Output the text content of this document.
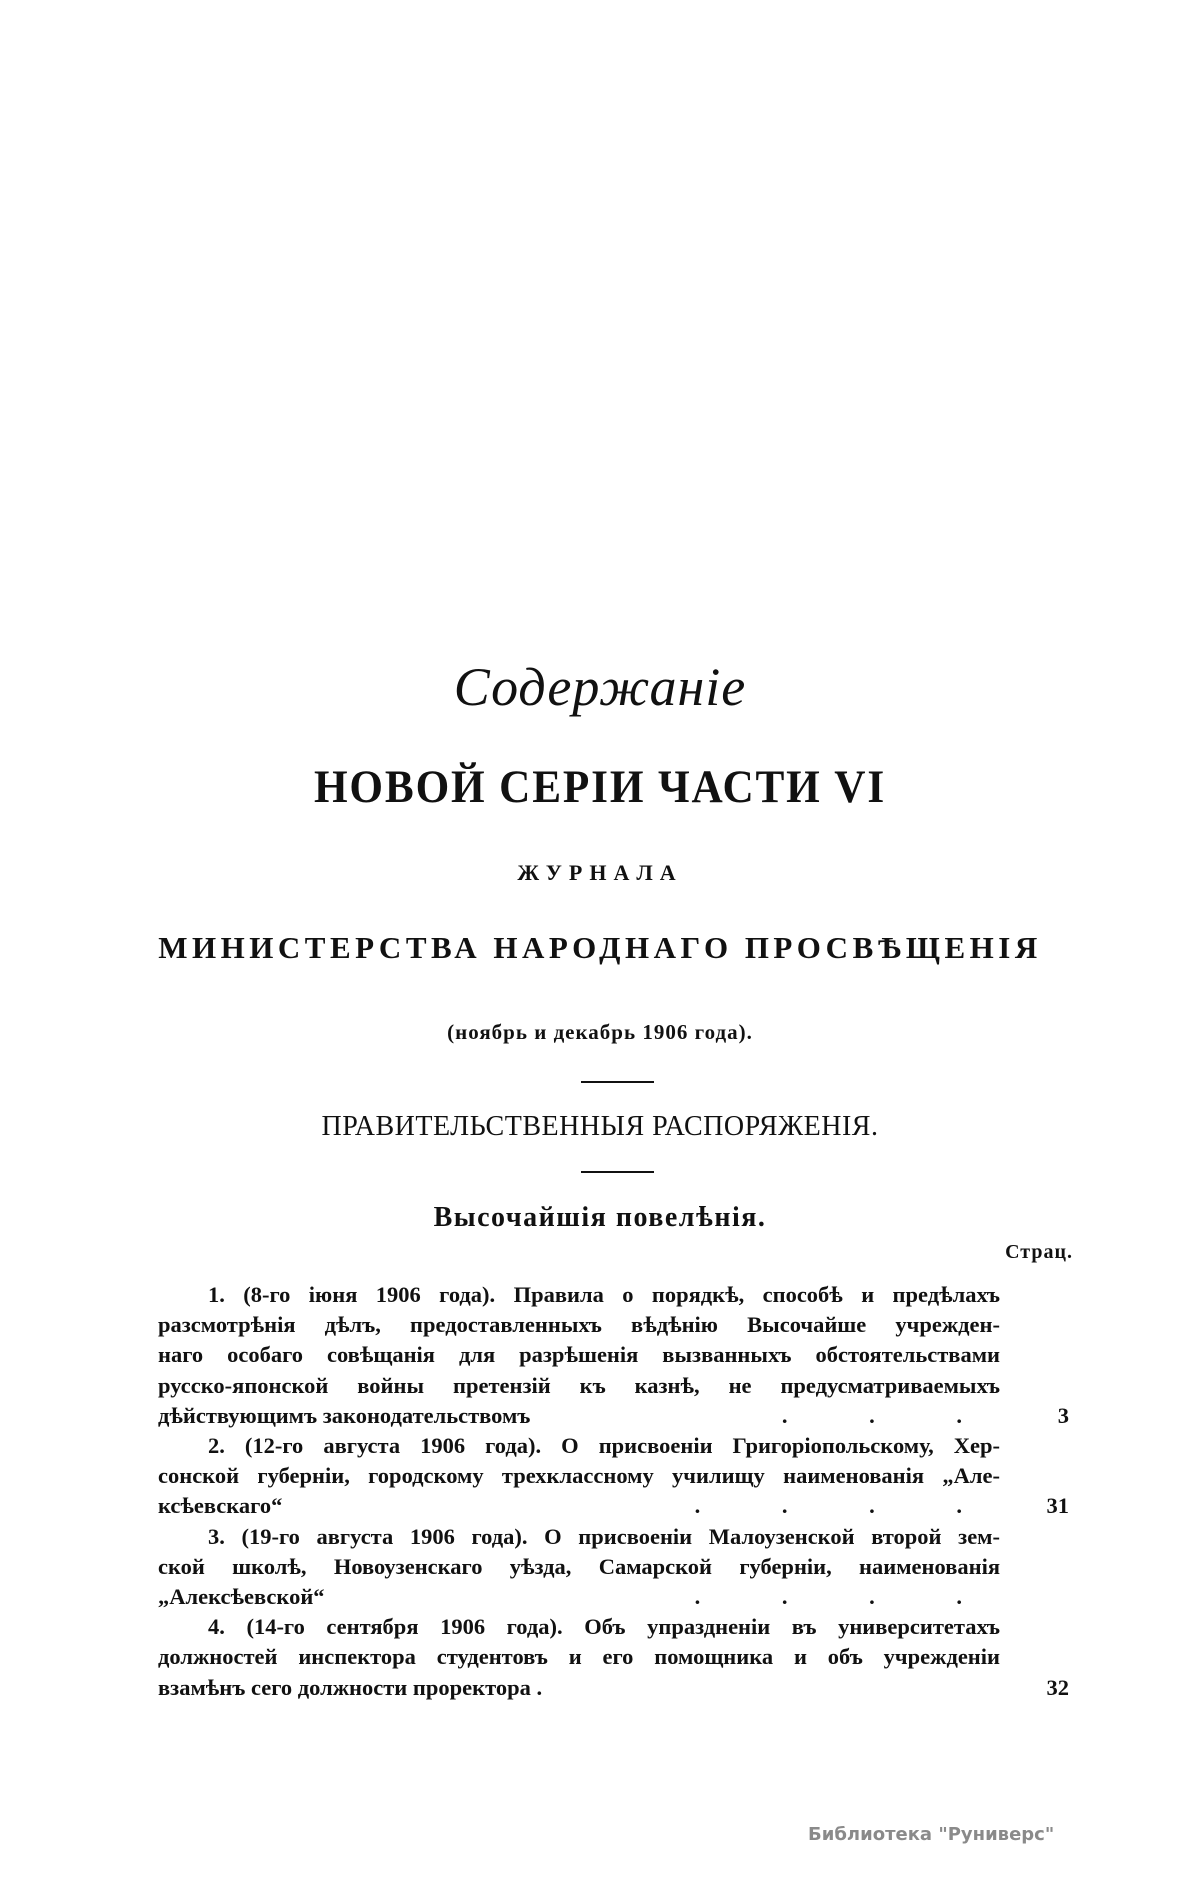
Содержаніе
НОВОЙ СЕРІИ ЧАСТИ VI
ЖУРНАЛА
МИНИСТЕРСТВА НАРОДНАГО ПРОСВѢЩЕНІЯ
(ноябрь и декабрь 1906 года).
ПРАВИТЕЛЬСТВЕННЫЯ РАСПОРЯЖЕНІЯ.
Высочайшія повелѣнія.
Страц.
1. (8-го іюня 1906 года). Правила о порядкѣ, способѣ и предѣлахъ
разсмотрѣнія дѣлъ, предоставленныхъ вѣдѣнію Высочайше учрежден-
наго особаго совѣщанія для разрѣшенія вызванныхъ обстоятельствами
русско-японской войны претензій къ казнѣ, не предусматриваемыхъ
дѣйствующимъ законодательствомъ	. . .	3
2. (12-го августа 1906 года). О присвоеніи Григоріопольскому, Хер-
сонской губерніи, городскому трехклассному училищу наименованія „Але-
ксѣевскаго“	. . . . 31
3. (19-го августа 1906 года). О присвоеніи Малоузенской второй зем-
ской школѣ, Новоузенскаго уѣзда, Самарской губерніи, наименованія
„Алексѣевской“	. . . .
4. (14-го сентября 1906 года). Объ упраздненіи въ университетахъ
должностей инспектора студентовъ и его помощника и объ учрежденіи
взамѣнъ сего должности проректора .	32
Библиотека "Руниверс"
